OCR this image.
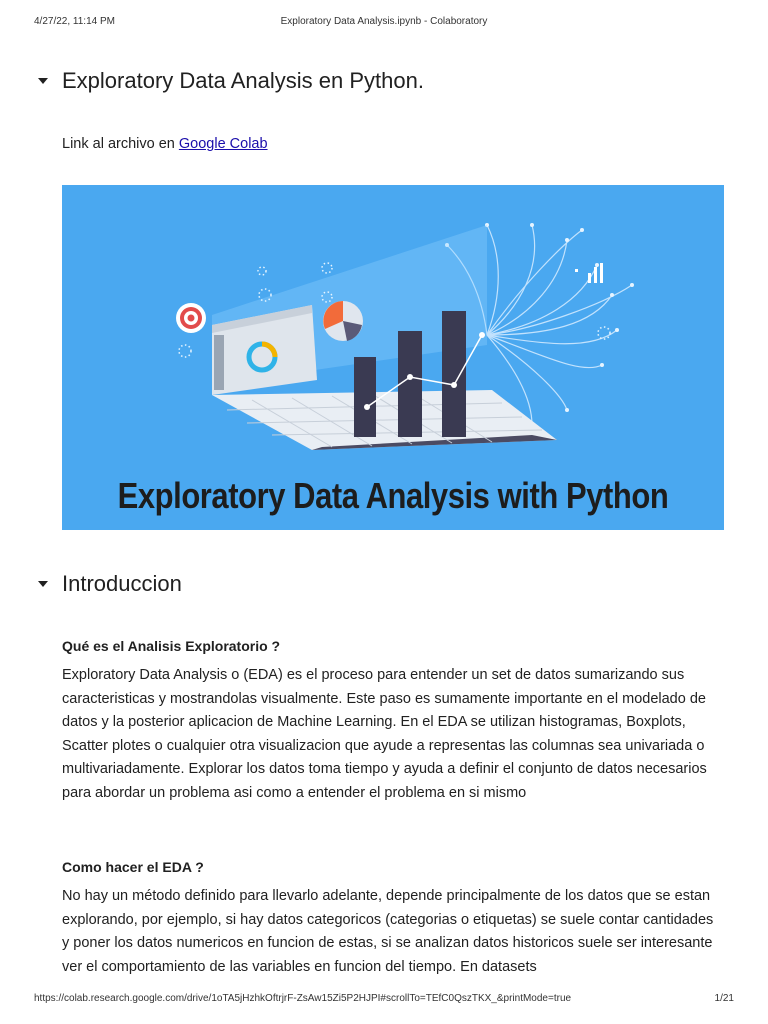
4/27/22, 11:14 PM	Exploratory Data Analysis.ipynb - Colaboratory
Exploratory Data Analysis en Python.
Link al archivo en Google Colab
Exploratory Data Analysis with Python
Introduccion
Qué es el Analisis Exploratorio ?
Exploratory Data Analysis o (EDA) es el proceso para entender un set de datos sumarizando sus caracteristicas y mostrandolas visualmente. Este paso es sumamente importante en el modelado de datos y la posterior aplicacion de Machine Learning. En el EDA se utilizan histogramas, Boxplots, Scatter plotes o cualquier otra visualizacion que ayude a representas las columnas sea univariada o multivariadamente. Explorar los datos toma tiempo y ayuda a definir el conjunto de datos necesarios para abordar un problema asi como a entender el problema en si mismo
Como hacer el EDA ?
No hay un método definido para llevarlo adelante, depende principalmente de los datos que se estan explorando, por ejemplo, si hay datos categoricos (categorias o etiquetas) se suele contar cantidades y poner los datos numericos en funcion de estas, si se analizan datos historicos suele ser interesante ver el comportamiento de las variables en funcion del tiempo. En datasets
https://colab.research.google.com/drive/1oTA5jHzhkOftrjrF-ZsAw15Zi5P2HJPI#scrollTo=TEfC0QszTKX_&printMode=true	1/21
